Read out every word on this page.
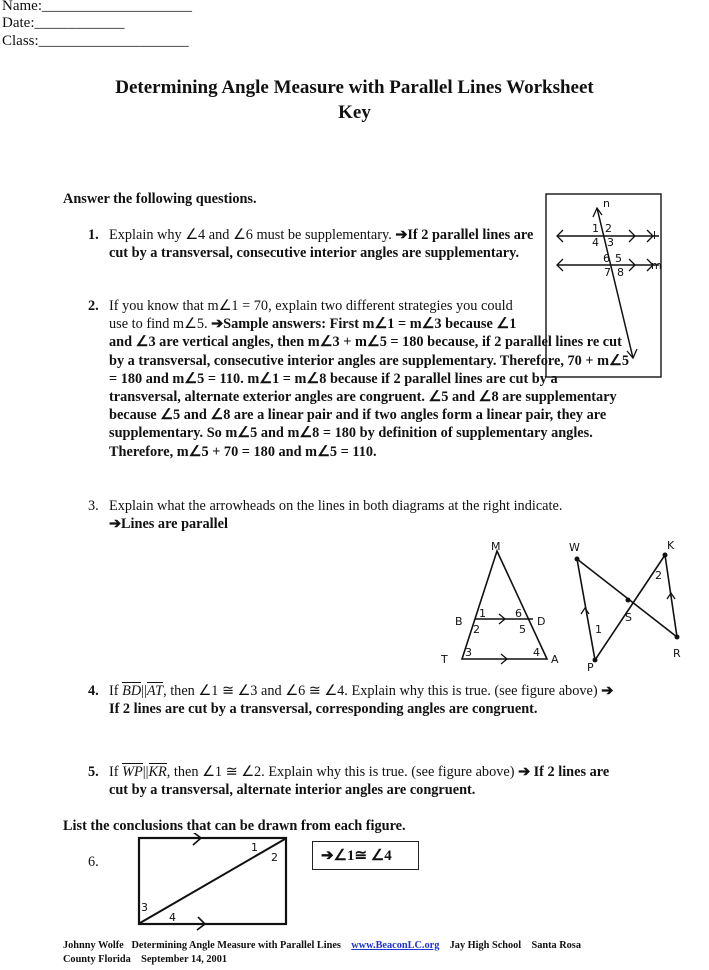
Name:____________________
Date:____________
Class:____________________
Determining Angle Measure with Parallel Lines Worksheet
Key
Answer the following questions.
1. Explain why ∠4 and ∠6 must be supplementary. ➔If 2 parallel lines are cut by a transversal, consecutive interior angles are supplementary.
n
1 2
4 3
6 5
7 8
l
m
2. If you know that m∠1 = 70, explain two different strategies you could use to find m∠5. ➔Sample answers: First m∠1 = m∠3 because ∠1 and ∠3 are vertical angles, then m∠3 + m∠5 = 180 because, if 2 parallel lines re cut by a transversal, consecutive interior angles are supplementary. Therefore, 70 + m∠5 = 180 and m∠5 = 110. m∠1 = m∠8 because if 2 parallel lines are cut by a transversal, alternate exterior angles are congruent. ∠5 and ∠8 are supplementary because ∠5 and ∠8 are a linear pair and if two angles form a linear pair, they are supplementary. So m∠5 and m∠8 = 180 by definition of supplementary angles. Therefore, m∠5 + 70 = 180 and m∠5 = 110.
3. Explain what the arrowheads on the lines in both diagrams at the right indicate.
➔Lines are parallel
M
B
1	6
D
2	5
T
3	4
A
W	K
2
S
1
P
R
4. If BD||AT, then ∠1 ≅ ∠3 and ∠6 ≅ ∠4. Explain why this is true. (see figure above) ➔ If 2 lines are cut by a transversal, corresponding angles are congruent.
5. If WP||KR, then ∠1 ≅ ∠2. Explain why this is true. (see figure above) ➔ If 2 lines are cut by a transversal, alternate interior angles are congruent.
List the conclusions that can be drawn from each figure.
6.
1
2
3
4
➔∠1≅ ∠4
Johnny Wolfe Determining Angle Measure with Parallel Lines www.BeaconLC.org Jay High School Santa Rosa
County Florida September 14, 2001
